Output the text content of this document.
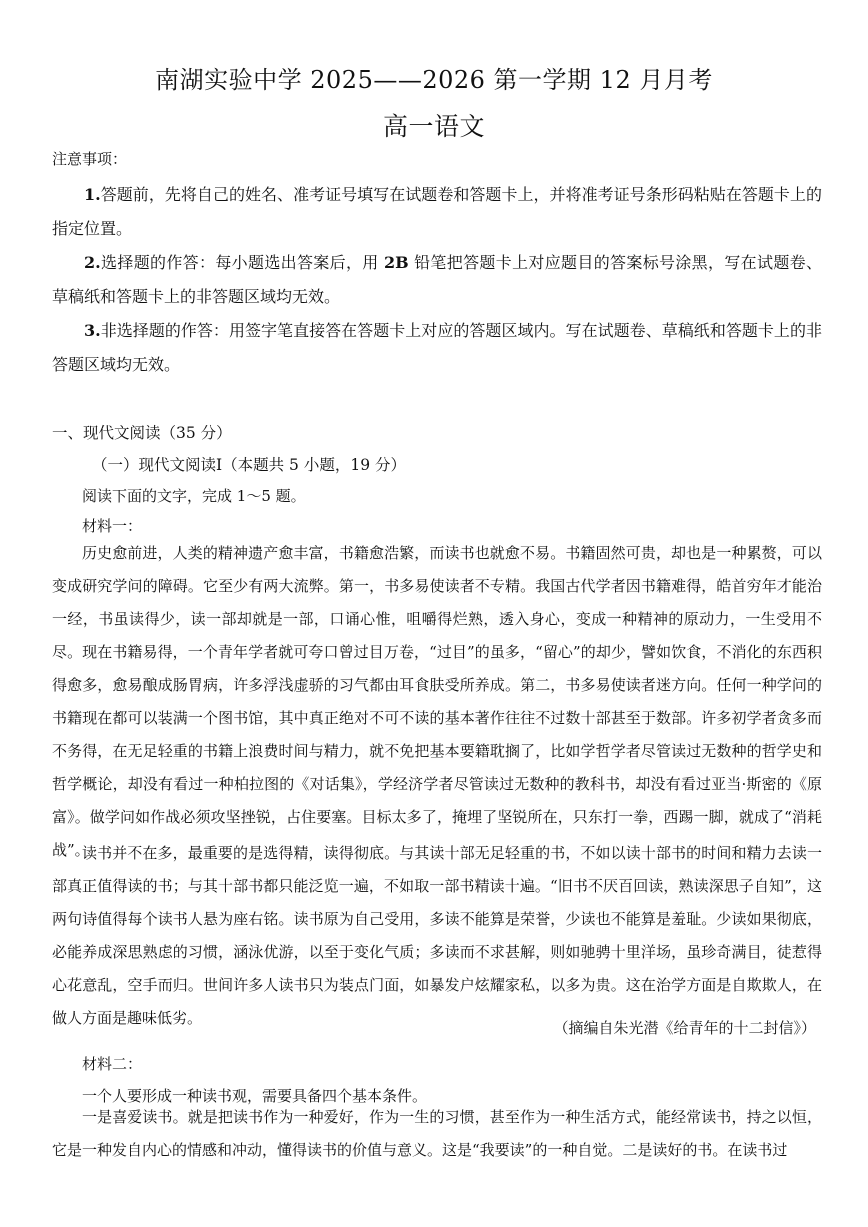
南湖实验中学 2025——2026 第一学期 12 月月考
高一语文
注意事项：
1.答题前，先将自己的姓名、准考证号填写在试题卷和答题卡上，并将准考证号条形码粘贴在答题卡上的指定位置。
2.选择题的作答：每小题选出答案后，用 2B 铅笔把答题卡上对应题目的答案标号涂黑，写在试题卷、草稿纸和答题卡上的非答题区域均无效。
3.非选择题的作答：用签字笔直接答在答题卡上对应的答题区域内。写在试题卷、草稿纸和答题卡上的非答题区域均无效。
一、现代文阅读（35 分）
（一）现代文阅读Ⅰ（本题共 5 小题，19 分）
阅读下面的文字，完成 1～5 题。
材料一：
历史愈前进，人类的精神遗产愈丰富，书籍愈浩繁，而读书也就愈不易。书籍固然可贵，却也是一种累赘，可以变成研究学问的障碍。它至少有两大流弊。第一，书多易使读者不专精。我国古代学者因书籍难得，皓首穷年才能治一经，书虽读得少，读一部却就是一部，口诵心惟，咀嚼得烂熟，透入身心，变成一种精神的原动力，一生受用不尽。现在书籍易得，一个青年学者就可夸口曾过目万卷，“过目”的虽多，“留心”的却少，譬如饮食，不消化的东西积得愈多，愈易酿成肠胃病，许多浮浅虚骄的习气都由耳食肤受所养成。第二，书多易使读者迷方向。任何一种学问的书籍现在都可以装满一个图书馆，其中真正绝对不可不读的基本著作往往不过数十部甚至于数部。许多初学者贪多而不务得，在无足轻重的书籍上浪费时间与精力，就不免把基本要籍耽搁了，比如学哲学者尽管读过无数种的哲学史和哲学概论，却没有看过一种柏拉图的《对话集》，学经济学者尽管读过无数种的教科书，却没有看过亚当·斯密的《原富》。做学问如作战必须攻坚挫锐，占住要塞。目标太多了，掩埋了坚锐所在，只东打一拳，西踢一脚，就成了“消耗战”。
读书并不在多，最重要的是选得精，读得彻底。与其读十部无足轻重的书，不如以读十部书的时间和精力去读一部真正值得读的书；与其十部书都只能泛览一遍，不如取一部书精读十遍。“旧书不厌百回读，熟读深思子自知”，这两句诗值得每个读书人悬为座右铭。读书原为自己受用，多读不能算是荣誉，少读也不能算是羞耻。少读如果彻底，必能养成深思熟虑的习惯，涵泳优游，以至于变化气质；多读而不求甚解，则如驰骋十里洋场，虽珍奇满目，徒惹得心花意乱，空手而归。世间许多人读书只为装点门面，如暴发户炫耀家私，以多为贵。这在治学方面是自欺欺人，在做人方面是趣味低劣。
（摘编自朱光潜《给青年的十二封信》）
材料二：
一个人要形成一种读书观，需要具备四个基本条件。
一是喜爱读书。就是把读书作为一种爱好，作为一生的习惯，甚至作为一种生活方式，能经常读书，持之以恒，它是一种发自内心的情感和冲动，懂得读书的价值与意义。这是“我要读”的一种自觉。二是读好的书。在读书过
